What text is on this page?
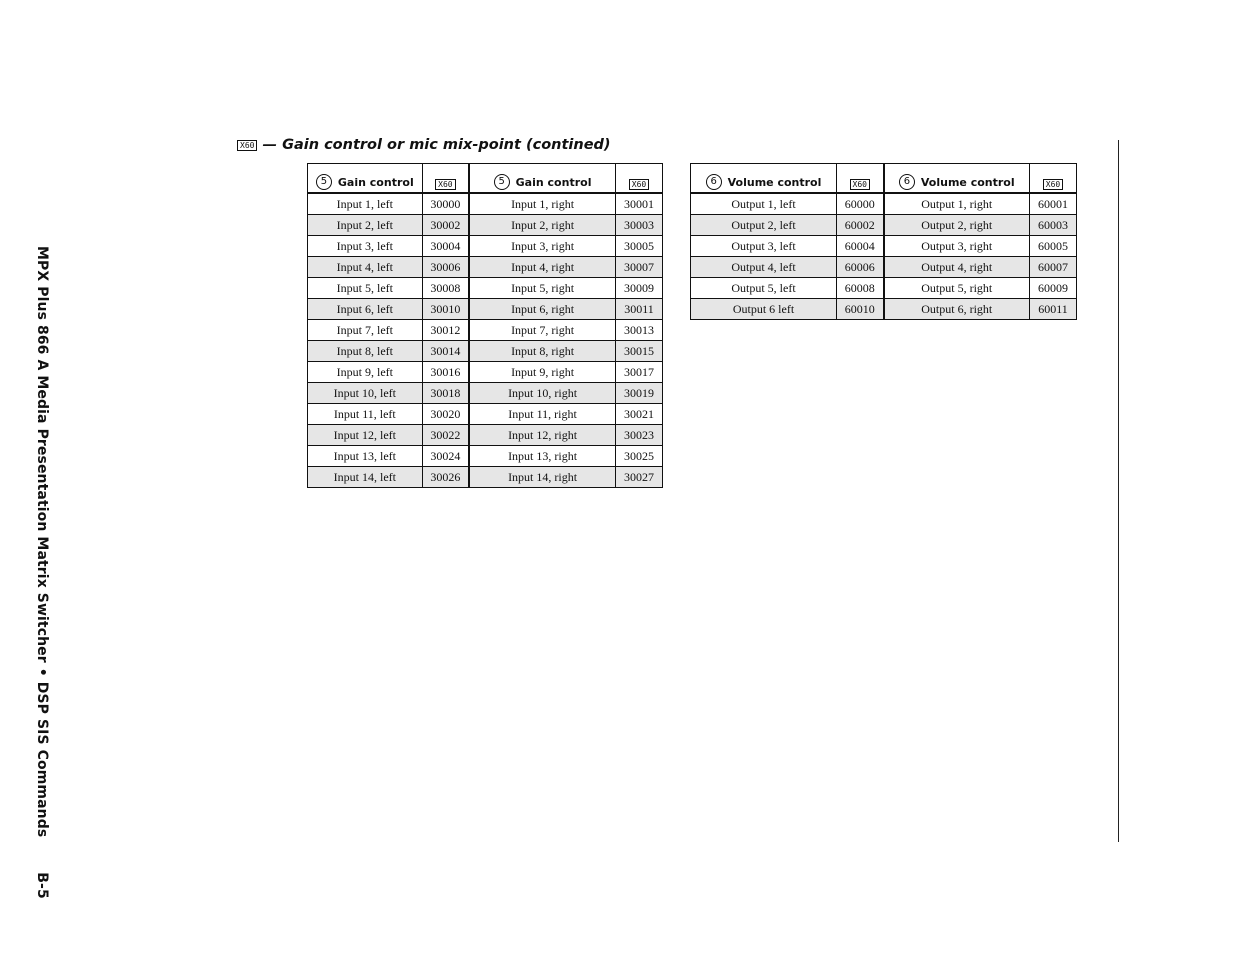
MPX Plus 866 A Media Presentation Matrix Switcher • DSP SIS Commands B-5
X60 — Gain control or mic mix-point (contined)
5 Gain control	X60	5 Gain control	X60
Input 1, left	30000	Input 1, right	30001
Input 2, left	30002	Input 2, right	30003
Input 3, left	30004	Input 3, right	30005
Input 4, left	30006	Input 4, right	30007
Input 5, left	30008	Input 5, right	30009
Input 6, left	30010	Input 6, right	30011
Input 7, left	30012	Input 7, right	30013
Input 8, left	30014	Input 8, right	30015
Input 9, left	30016	Input 9, right	30017
Input 10, left	30018	Input 10, right	30019
Input 11, left	30020	Input 11, right	30021
Input 12, left	30022	Input 12, right	30023
Input 13, left	30024	Input 13, right	30025
Input 14, left	30026	Input 14, right	30027
6 Volume control	X60	6 Volume control	X60
Output 1, left	60000	Output 1, right	60001
Output 2, left	60002	Output 2, right	60003
Output 3, left	60004	Output 3, right	60005
Output 4, left	60006	Output 4, right	60007
Output 5, left	60008	Output 5, right	60009
Output 6 left	60010	Output 6, right	60011
